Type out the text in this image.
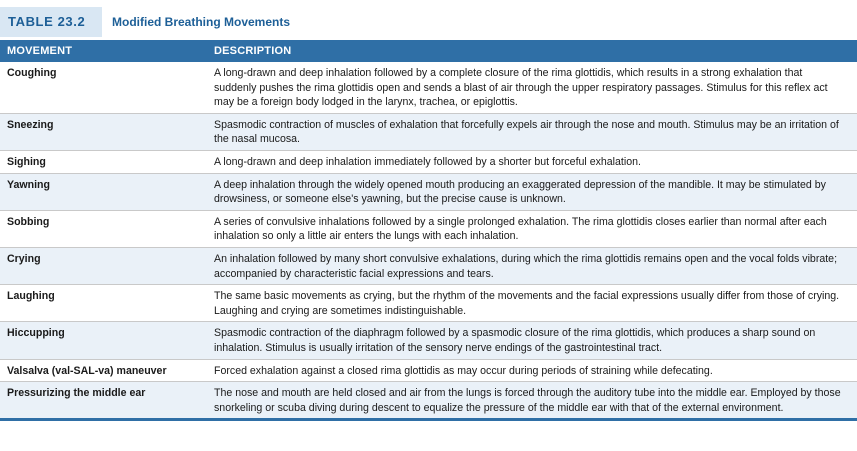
TABLE 23.2	Modified Breathing Movements
MOVEMENT	DESCRIPTION
Coughing	A long-drawn and deep inhalation followed by a complete closure of the rima glottidis, which results in a strong exhalation that suddenly pushes the rima glottidis open and sends a blast of air through the upper respiratory passages. Stimulus for this reflex act may be a foreign body lodged in the larynx, trachea, or epiglottis.
Sneezing	Spasmodic contraction of muscles of exhalation that forcefully expels air through the nose and mouth. Stimulus may be an irritation of the nasal mucosa.
Sighing	A long-drawn and deep inhalation immediately followed by a shorter but forceful exhalation.
Yawning	A deep inhalation through the widely opened mouth producing an exaggerated depression of the mandible. It may be stimulated by drowsiness, or someone else's yawning, but the precise cause is unknown.
Sobbing	A series of convulsive inhalations followed by a single prolonged exhalation. The rima glottidis closes earlier than normal after each inhalation so only a little air enters the lungs with each inhalation.
Crying	An inhalation followed by many short convulsive exhalations, during which the rima glottidis remains open and the vocal folds vibrate; accompanied by characteristic facial expressions and tears.
Laughing	The same basic movements as crying, but the rhythm of the movements and the facial expressions usually differ from those of crying. Laughing and crying are sometimes indistinguishable.
Hiccupping	Spasmodic contraction of the diaphragm followed by a spasmodic closure of the rima glottidis, which produces a sharp sound on inhalation. Stimulus is usually irritation of the sensory nerve endings of the gastrointestinal tract.
Valsalva (val-SAL-va) maneuver	Forced exhalation against a closed rima glottidis as may occur during periods of straining while defecating.
Pressurizing the middle ear	The nose and mouth are held closed and air from the lungs is forced through the auditory tube into the middle ear. Employed by those snorkeling or scuba diving during descent to equalize the pressure of the middle ear with that of the external environment.
